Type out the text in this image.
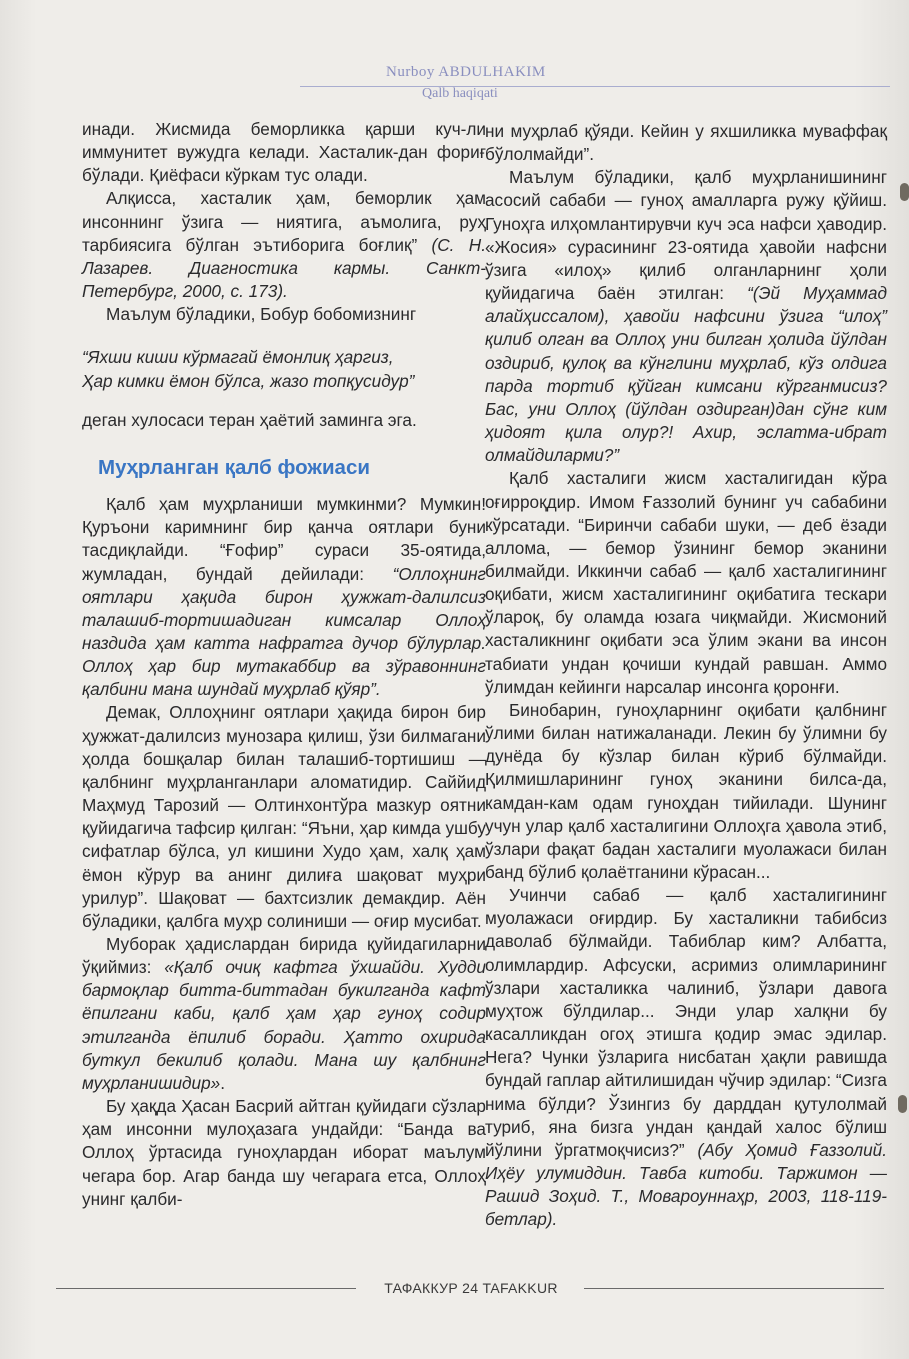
Nurboy ABDULHAKIM
Qalb haqiqati

инади. Жисмида беморликка қарши куч-ли иммунитет вужудга келади. Хасталик-дан фориғ бўлади. Қиёфаси кўркам тус олади.

Алқисса, хасталик ҳам, беморлик ҳам инсоннинг ўзига — ниятига, аъмолига, руҳ тарбиясига бўлган эътиборига боғлиқ” (С. Н. Лазарев. Диагностика кармы. Санкт-Петербург, 2000, с. 173).

Маълум бўладики, Бобур бобомизнинг

“Яхши киши кўрмагай ёмонлиқ ҳаргиз,
Ҳар кимки ёмон бўлса, жазо топқусидур”

деган хулосаси теран ҳаётий заминга эга.

Муҳрланган қалб фожиаси

Қалб ҳам муҳрланиши мумкинми? Мумкин! Қуръони каримнинг бир қанча оятлари буни тасдиқлайди. “Ғофир” сураси 35-оятида, жумладан, бундай дейилади: “Оллоҳнинг оятлари ҳақида бирон ҳужжат-далилсиз талашиб-тортишадиган кимсалар Оллоҳ наздида ҳам катта нафратга дучор бўлурлар. Оллоҳ ҳар бир мутакаббир ва зўравоннинг қалбини мана шундай муҳрлаб қўяр”.

Демак, Оллоҳнинг оятлари ҳақида бирон бир ҳужжат-далилсиз мунозара қилиш, ўзи билмагани ҳолда бошқалар билан талашиб-тортишиш — қалбнинг муҳрланганлари аломатидир. Саййид Маҳмуд Тарозий — Олтинхонтўра мазкур оятни қуйидагича тафсир қилган: “Яъни, ҳар кимда ушбу сифатлар бўлса, ул кишини Худо ҳам, халқ ҳам ёмон кўрур ва анинг дилиға шақоват муҳри урилур”. Шақоват — бахтсизлик демакдир. Аён бўладики, қалбга муҳр солиниши — оғир мусибат.

Муборак ҳадислардан бирида қуйидагиларни ўқиймиз: «Қалб очиқ кафтга ўхшайди. Худди бармоқлар битта-биттадан букилганда кафт ёпилгани каби, қалб ҳам ҳар гуноҳ содир этилганда ёпилиб боради. Ҳатто охирида буткул бекилиб қолади. Мана шу қалбнинг муҳрланишидир».

Бу ҳақда Ҳасан Басрий айтган қуйидаги сўзлар ҳам инсонни мулоҳазага ундайди: “Банда ва Оллоҳ ўртасида гуноҳлардан иборат маълум чегара бор. Агар банда шу чегарага етса, Оллоҳ унинг қалби-

ни муҳрлаб қўяди. Кейин у яхшиликка муваффақ бўлолмайди”.

Маълум бўладики, қалб муҳрланишининг асосий сабаби — гуноҳ амалларга ружу қўйиш. Гуноҳга илҳомлантирувчи куч эса нафси ҳаводир. «Жосия» сурасининг 23-оятида ҳавойи нафсни ўзига «илоҳ» қилиб олганларнинг ҳоли қуйидагича баён этилган: “(Эй Муҳаммад алайҳиссалом), ҳавойи нафсини ўзига “илоҳ” қилиб олган ва Оллоҳ уни билган ҳолида йўлдан оздириб, қулоқ ва кўнглини муҳрлаб, кўз олдига парда тортиб қўйган кимсани кўрганмисиз? Бас, уни Оллоҳ (йўлдан оздирган)дан сўнг ким ҳидоят қила олур?! Ахир, эслатма-ибрат олмайдиларми?”

Қалб хасталиги жисм хасталигидан кўра оғирроқдир. Имом Ғаззолий бунинг уч сабабини кўрсатади. “Биринчи сабаби шуки, — деб ёзади аллома, — бемор ўзининг бемор эканини билмайди. Иккинчи сабаб — қалб хасталигининг оқибати, жисм хасталигининг оқибатига тескари ўлароқ, бу оламда юзага чиқмайди. Жисмоний хасталикнинг оқибати эса ўлим экани ва инсон табиати ундан қочиши кундай равшан. Аммо ўлимдан кейинги нарсалар инсонга қоронғи.

Бинобарин, гуноҳларнинг оқибати қалбнинг ўлими билан натижаланади. Лекин бу ўлимни бу дунёда бу кўзлар билан кўриб бўлмайди. Қилмишларининг гуноҳ эканини билса-да, камдан-кам одам гуноҳдан тийилади. Шунинг учун улар қалб хасталигини Оллоҳга ҳавола этиб, ўзлари фақат бадан хасталиги муолажаси билан банд бўлиб қолаётганини кўрасан...

Учинчи сабаб — қалб хасталигининг муолажаси оғирдир. Бу хасталикни табибсиз даволаб бўлмайди. Табиблар ким? Албатта, олимлардир. Афсуски, асримиз олимларининг ўзлари хасталикка чалиниб, ўзлари давога муҳтож бўлдилар... Энди улар халқни бу касалликдан огоҳ этишга қодир эмас эдилар. Нега? Чунки ўзларига нисбатан ҳақли равишда бундай гаплар айтилишидан чўчир эдилар: “Сизга нима бўлди? Ўзингиз бу дарддан қутулолмай туриб, яна бизга ундан қандай халос бўлиш йўлини ўргатмоқчисиз?” (Абу Ҳомид Ғаззолий. Иҳёу улумиддин. Тавба китоби. Таржимон — Рашид Зоҳид. Т., Мовароуннаҳр, 2003, 118-119-бетлар).

ТАФАККУР 24 TAFAKKUR
